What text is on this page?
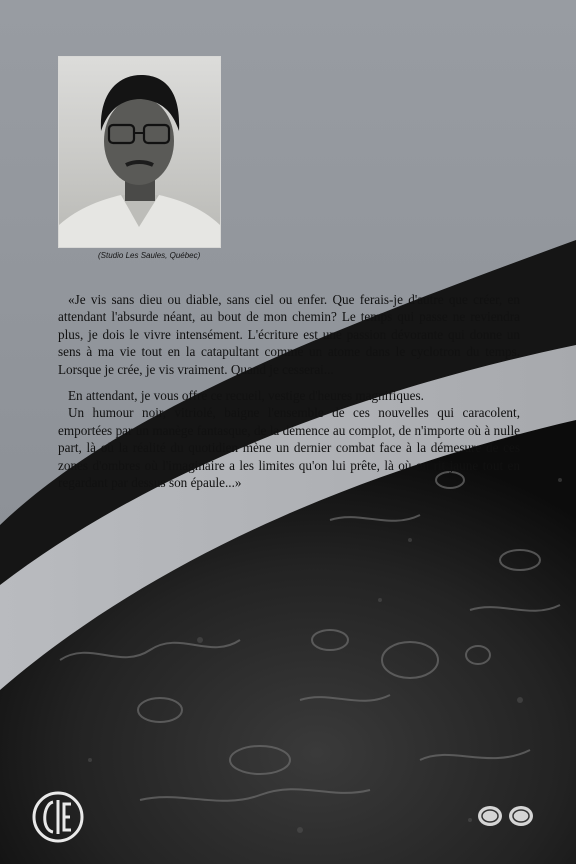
(Studio Les Saules, Québec)

«Je vis sans dieu ou diable, sans ciel ou enfer. Que ferais-je d'autre que créer, en attendant l'absurde néant, au bout de mon chemin? Le temps qui passe ne reviendra plus, je dois le vivre intensément. L'écriture est une passion dévorante qui donne un sens à ma vie tout en la catapultant comme un atome dans le cyclotron du temps. Lorsque je crée, je vis vraiment. Quand je cesserai...

En attendant, je vous offre ce recueil, vestige d'heures magnifiques.

Un humour noir, vitriolé, baigne l'ensemble de ces nouvelles qui caracolent, emportées par un manège fantasque, de la démence au complot, de n'importe où à nulle part, là où la réalité du quotidien mène un dernier combat face à la démesure de ces zones d'ombres où l'imaginaire a les limites qu'on lui prête, là où on rit jaune tout en regardant par dessus son épaule...»
